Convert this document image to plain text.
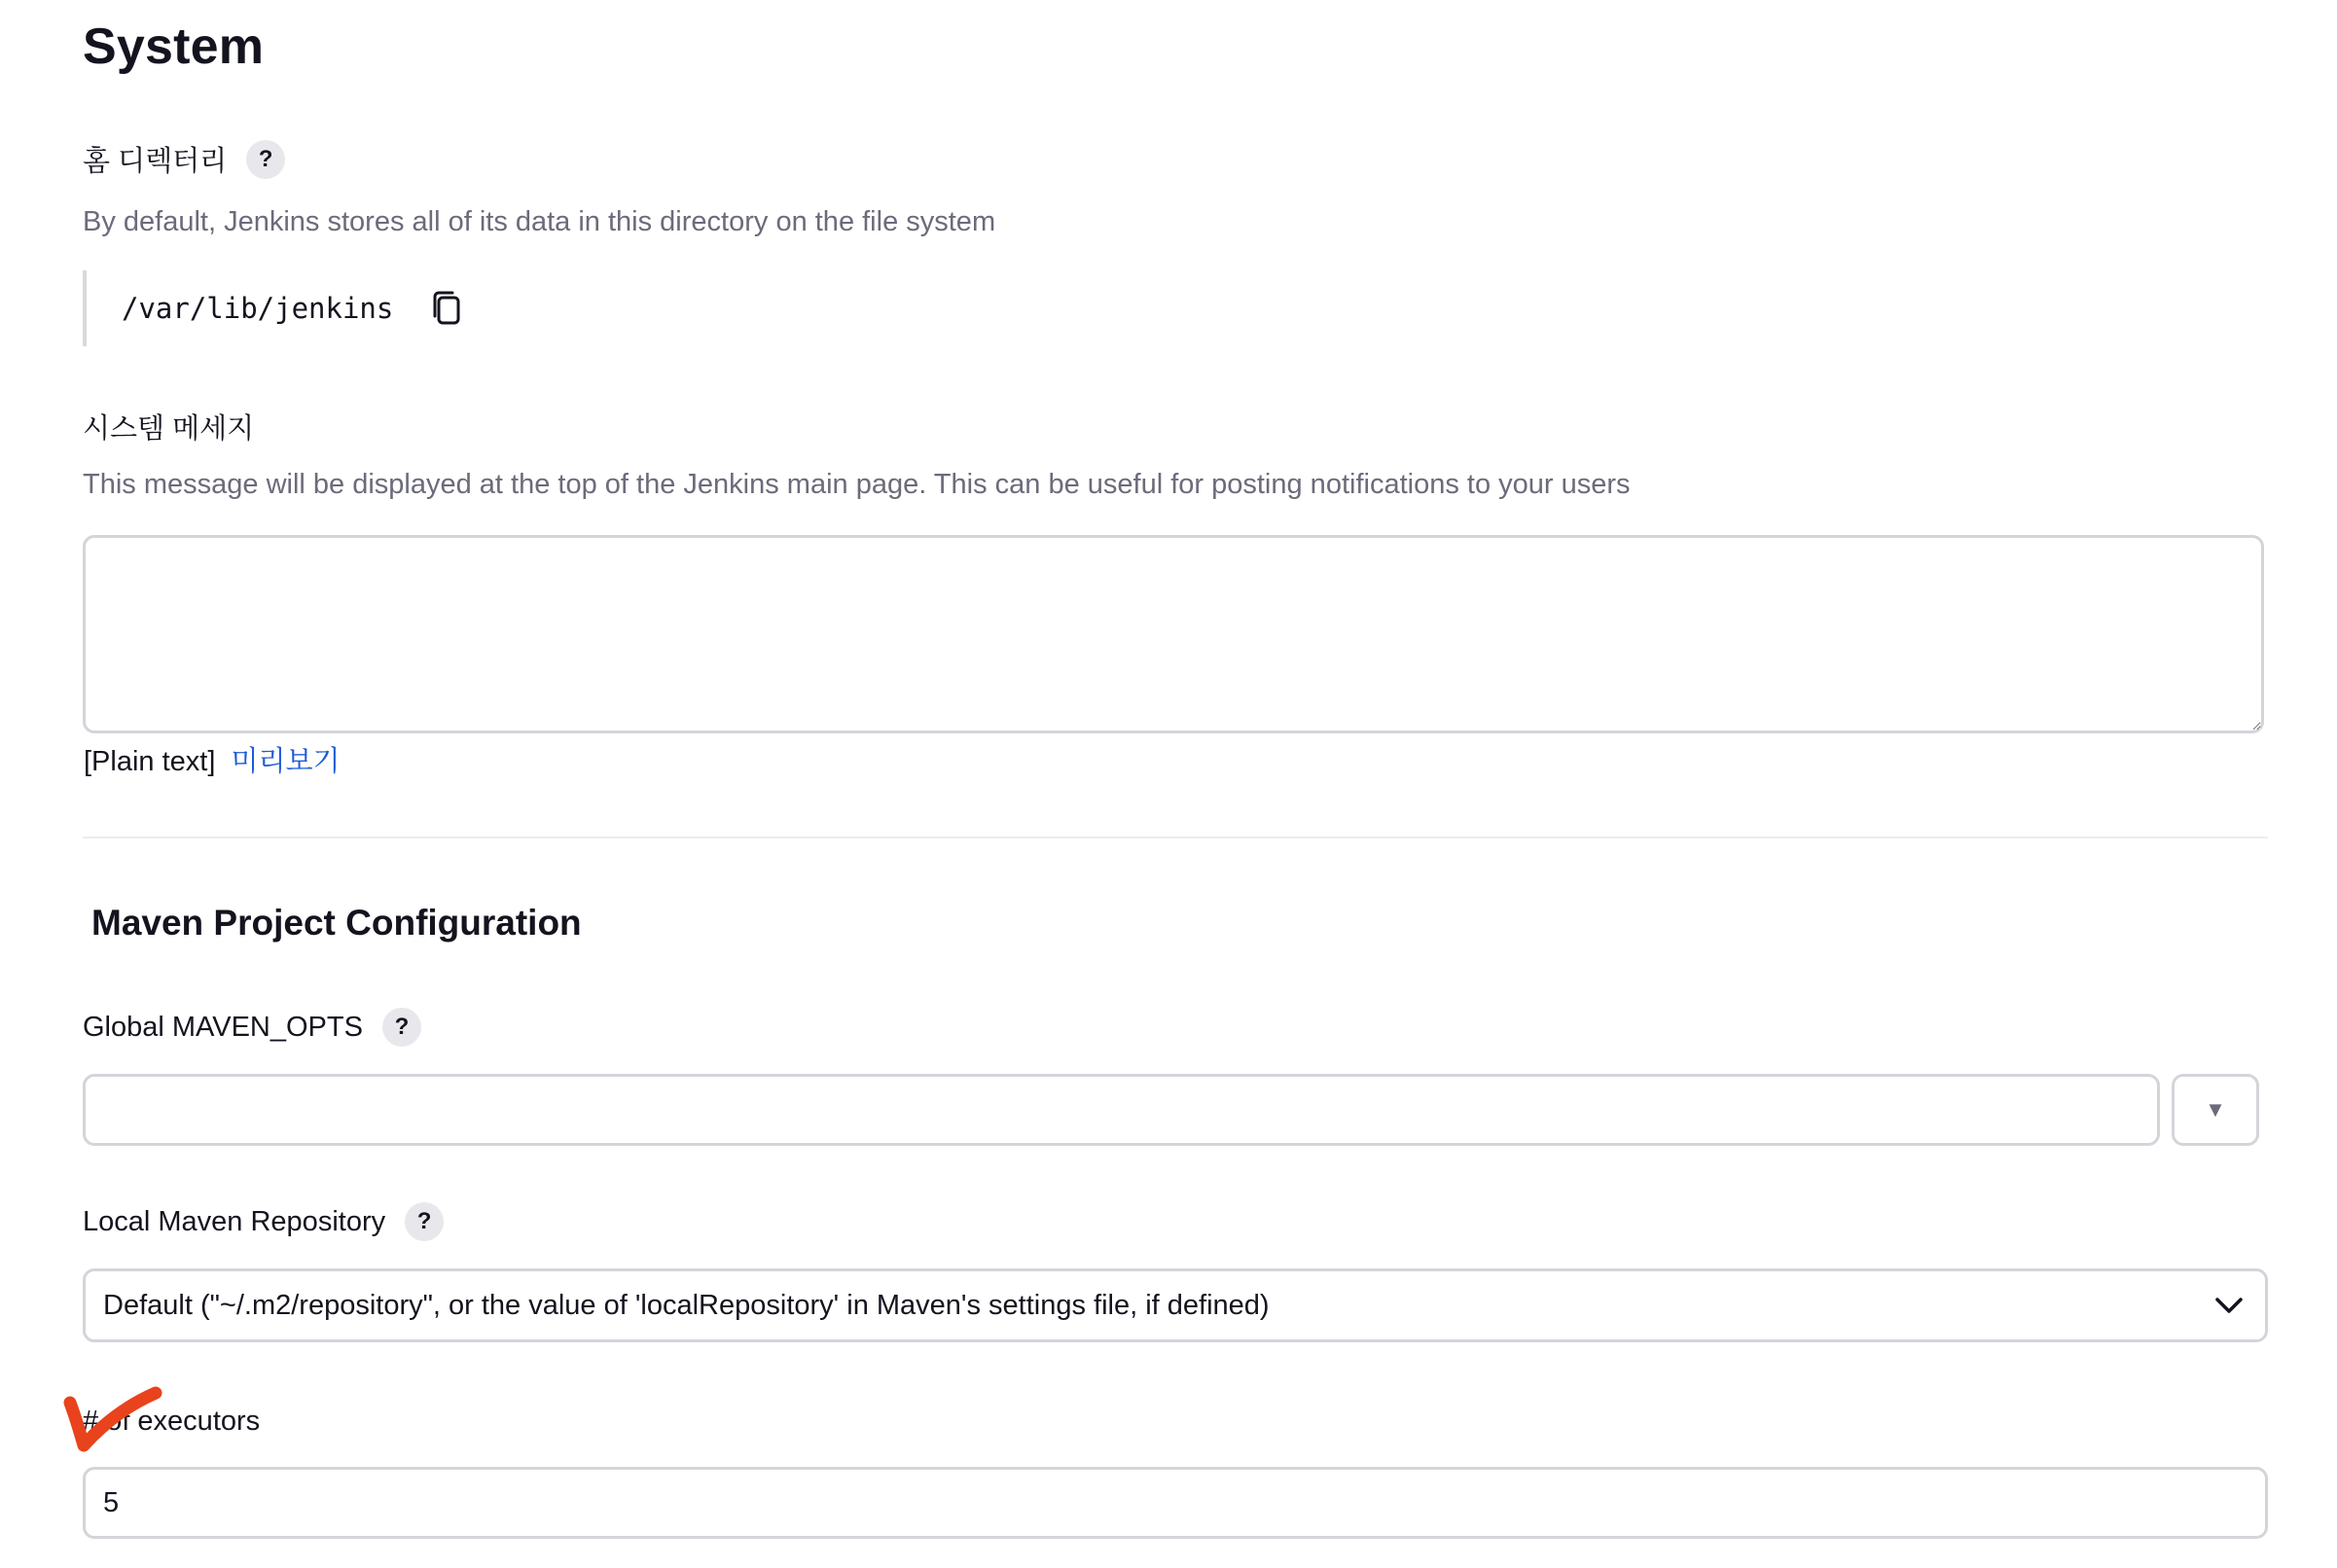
System
홈 디렉터리	?
By default, Jenkins stores all of its data in this directory on the file system
/var/lib/jenkins
시스템 메세지
This message will be displayed at the top of the Jenkins main page. This can be useful for posting notifications to your users
[Plain text] 미리보기
Maven Project Configuration
Global MAVEN_OPTS	?
▼
Local Maven Repository	?
Default ("~/.m2/repository", or the value of 'localRepository' in Maven's settings file, if defined)
# of executors
5
